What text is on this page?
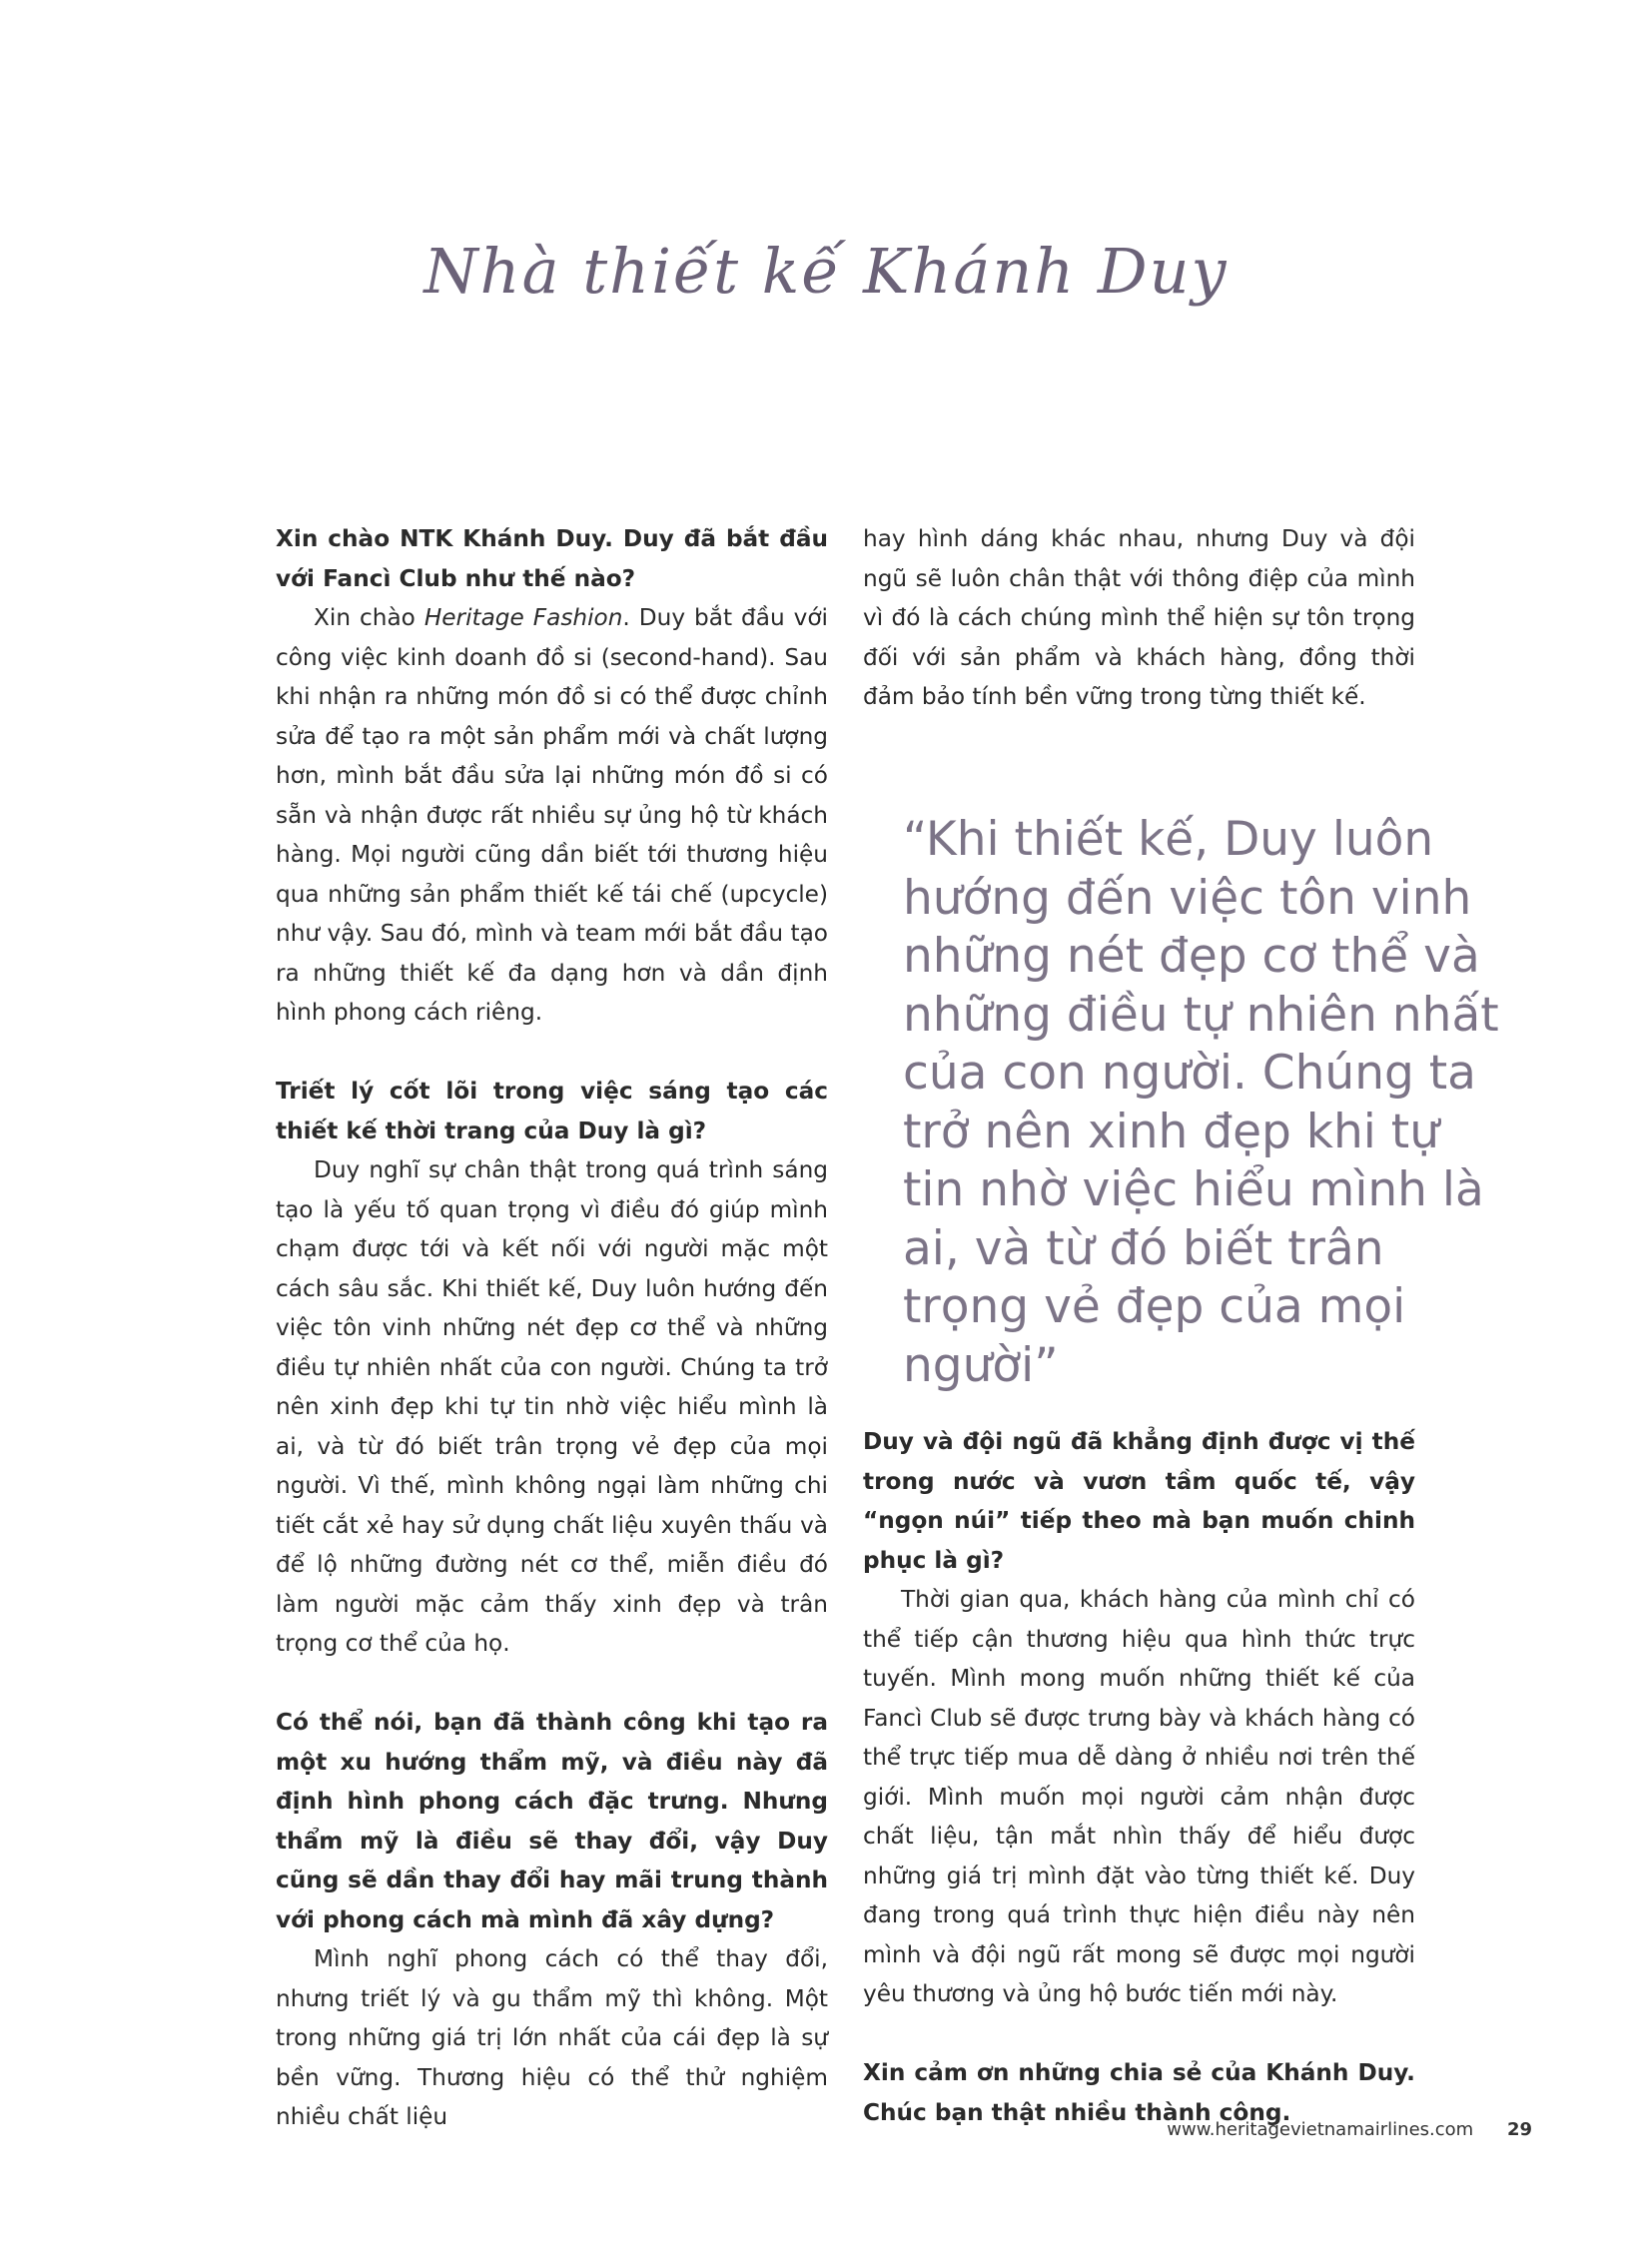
Nhà thiết kế Khánh Duy

Xin chào NTK Khánh Duy. Duy đã bắt đầu với Fancì Club như thế nào?

Xin chào Heritage Fashion. Duy bắt đầu với công việc kinh doanh đồ si (second-hand). Sau khi nhận ra những món đồ si có thể được chỉnh sửa để tạo ra một sản phẩm mới và chất lượng hơn, mình bắt đầu sửa lại những món đồ si có sẵn và nhận được rất nhiều sự ủng hộ từ khách hàng. Mọi người cũng dần biết tới thương hiệu qua những sản phẩm thiết kế tái chế (upcycle) như vậy. Sau đó, mình và team mới bắt đầu tạo ra những thiết kế đa dạng hơn và dần định hình phong cách riêng.

Triết lý cốt lõi trong việc sáng tạo các thiết kế thời trang của Duy là gì?

Duy nghĩ sự chân thật trong quá trình sáng tạo là yếu tố quan trọng vì điều đó giúp mình chạm được tới và kết nối với người mặc một cách sâu sắc. Khi thiết kế, Duy luôn hướng đến việc tôn vinh những nét đẹp cơ thể và những điều tự nhiên nhất của con người. Chúng ta trở nên xinh đẹp khi tự tin nhờ việc hiểu mình là ai, và từ đó biết trân trọng vẻ đẹp của mọi người. Vì thế, mình không ngại làm những chi tiết cắt xẻ hay sử dụng chất liệu xuyên thấu và để lộ những đường nét cơ thể, miễn điều đó làm người mặc cảm thấy xinh đẹp và trân trọng cơ thể của họ.

Có thể nói, bạn đã thành công khi tạo ra một xu hướng thẩm mỹ, và điều này đã định hình phong cách đặc trưng. Nhưng thẩm mỹ là điều sẽ thay đổi, vậy Duy cũng sẽ dần thay đổi hay mãi trung thành với phong cách mà mình đã xây dựng?

Mình nghĩ phong cách có thể thay đổi, nhưng triết lý và gu thẩm mỹ thì không. Một trong những giá trị lớn nhất của cái đẹp là sự bền vững. Thương hiệu có thể thử nghiệm nhiều chất liệu

hay hình dáng khác nhau, nhưng Duy và đội ngũ sẽ luôn chân thật với thông điệp của mình vì đó là cách chúng mình thể hiện sự tôn trọng đối với sản phẩm và khách hàng, đồng thời đảm bảo tính bền vững trong từng thiết kế.

“Khi thiết kế, Duy luôn hướng đến việc tôn vinh những nét đẹp cơ thể và những điều tự nhiên nhất của con người. Chúng ta trở nên xinh đẹp khi tự tin nhờ việc hiểu mình là ai, và từ đó biết trân trọng vẻ đẹp của mọi người”

Duy và đội ngũ đã khẳng định được vị thế trong nước và vươn tầm quốc tế, vậy “ngọn núi” tiếp theo mà bạn muốn chinh phục là gì?

Thời gian qua, khách hàng của mình chỉ có thể tiếp cận thương hiệu qua hình thức trực tuyến. Mình mong muốn những thiết kế của Fancì Club sẽ được trưng bày và khách hàng có thể trực tiếp mua dễ dàng ở nhiều nơi trên thế giới. Mình muốn mọi người cảm nhận được chất liệu, tận mắt nhìn thấy để hiểu được những giá trị mình đặt vào từng thiết kế. Duy đang trong quá trình thực hiện điều này nên mình và đội ngũ rất mong sẽ được mọi người yêu thương và ủng hộ bước tiến mới này.

Xin cảm ơn những chia sẻ của Khánh Duy. Chúc bạn thật nhiều thành công.

www.heritagevietnamairlines.com 29
